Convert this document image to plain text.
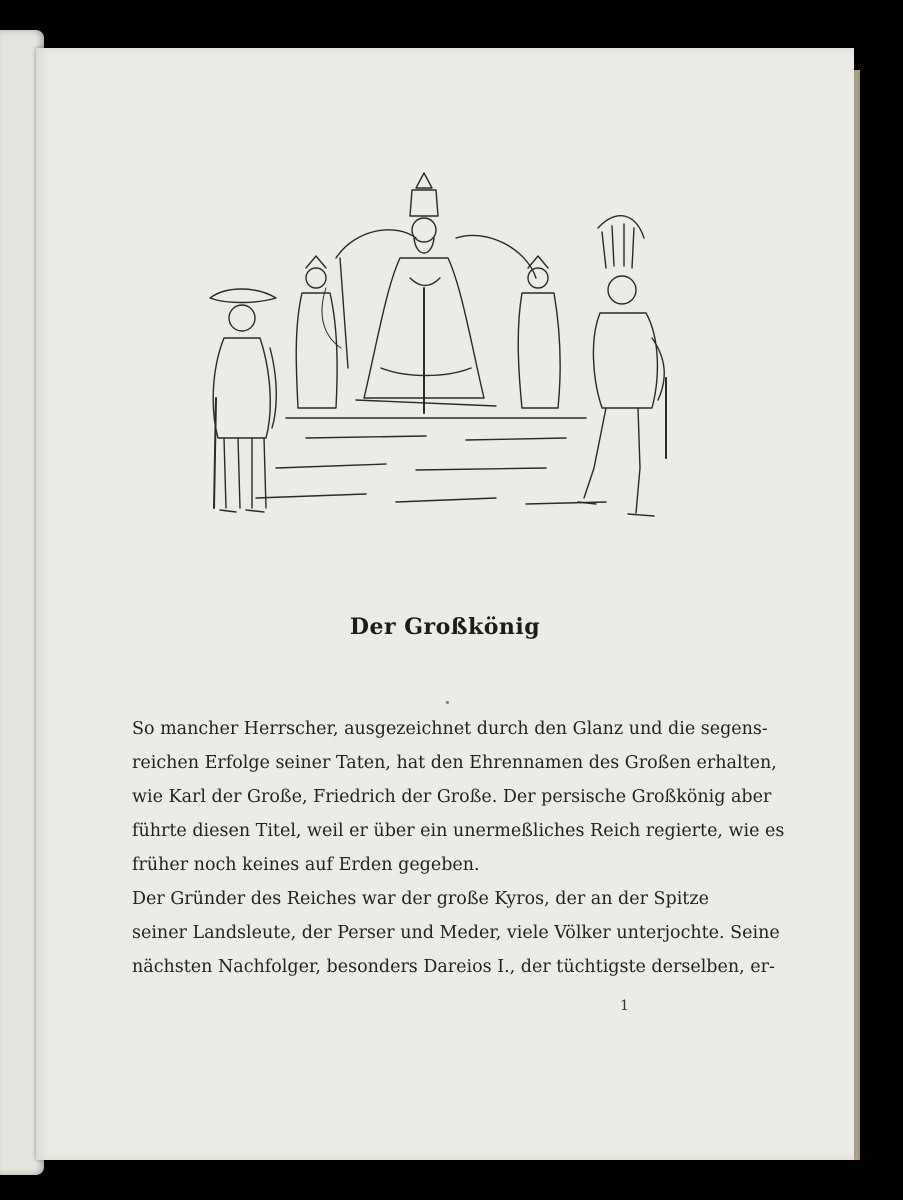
Der Großkönig

So mancher Herrscher, ausgezeichnet durch den Glanz und die segens-
reichen Erfolge seiner Taten, hat den Ehrennamen des Großen erhalten,
wie Karl der Große, Friedrich der Große. Der persische Großkönig aber
führte diesen Titel, weil er über ein unermeßliches Reich regierte, wie es
früher noch keines auf Erden gegeben.

Der Gründer des Reiches war der große Kyros, der an der Spitze
seiner Landsleute, der Perser und Meder, viele Völker unterjochte. Seine
nächsten Nachfolger, besonders Dareios I., der tüchtigste derselben, er-

1
